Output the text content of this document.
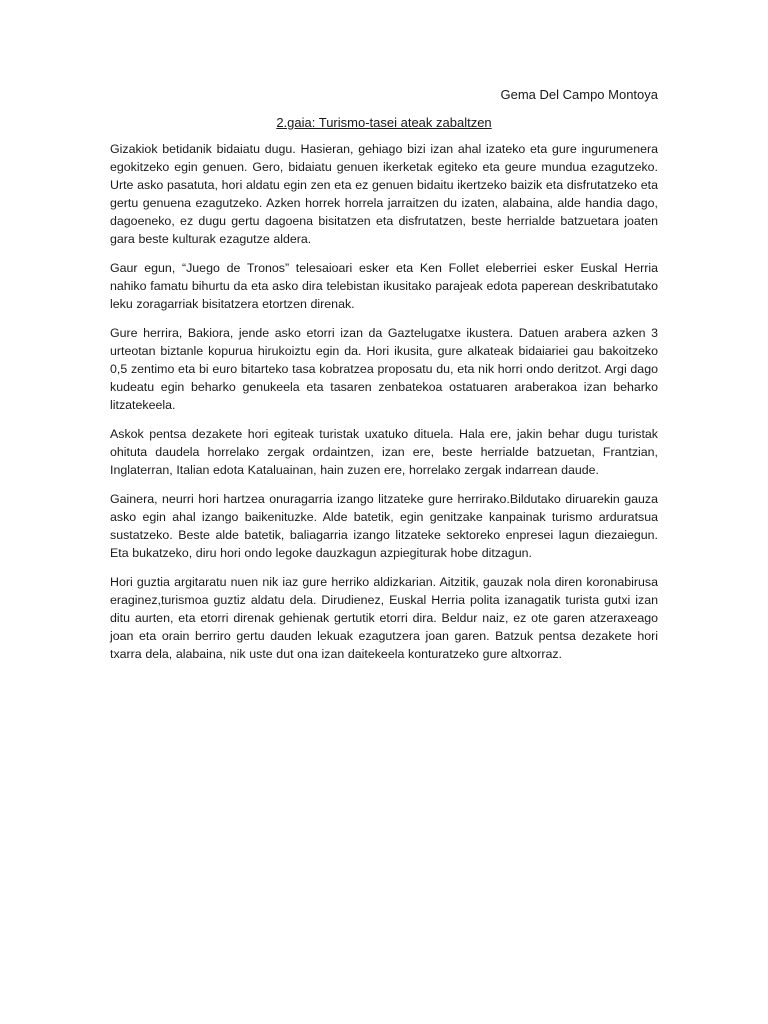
Gema Del Campo Montoya
2.gaia: Turismo-tasei ateak zabaltzen

Gizakiok betidanik bidaiatu dugu. Hasieran, gehiago bizi izan ahal izateko eta gure ingurumenera egokitzeko egin genuen. Gero, bidaiatu genuen ikerketak egiteko eta geure mundua ezagutzeko. Urte asko pasatuta, hori aldatu egin zen eta ez genuen bidaitu ikertzeko baizik eta disfrutatzeko eta gertu genuena ezagutzeko. Azken horrek horrela jarraitzen du izaten, alabaina, alde handia dago, dagoeneko, ez dugu gertu dagoena bisitatzen eta disfrutatzen, beste herrialde batzuetara joaten gara beste kulturak ezagutze aldera.

Gaur egun, “Juego de Tronos” telesaioari esker eta Ken Follet eleberriei esker Euskal Herria nahiko famatu bihurtu da eta asko dira telebistan ikusitako parajeak edota paperean deskribatutako leku zoragarriak bisitatzera etortzen direnak.

Gure herrira, Bakiora, jende asko etorri izan da Gaztelugatxe ikustera. Datuen arabera azken 3 urteotan biztanle kopurua hirukoiztu egin da. Hori ikusita, gure alkateak bidaiariei gau bakoitzeko 0,5 zentimo eta bi euro bitarteko tasa kobratzea proposatu du, eta nik horri ondo deritzot. Argi dago kudeatu egin beharko genukeela eta tasaren zenbatekoa ostatuaren araberakoa izan beharko litzatekeela.

Askok pentsa dezakete hori egiteak turistak uxatuko dituela. Hala ere, jakin behar dugu turistak ohituta daudela horrelako zergak ordaintzen, izan ere, beste herrialde batzuetan, Frantzian, Inglaterran, Italian edota Kataluainan, hain zuzen ere, horrelako zergak indarrean daude.

Gainera, neurri hori hartzea onuragarria izango litzateke gure herrirako.Bildutako diruarekin gauza asko egin ahal izango baikenituzke. Alde batetik, egin genitzake kanpainak turismo arduratsua sustatzeko. Beste alde batetik, baliagarria izango litzateke sektoreko enpresei lagun diezaiegun. Eta bukatzeko, diru hori ondo legoke dauzkagun azpiegiturak hobe ditzagun.

Hori guztia argitaratu nuen nik iaz gure herriko aldizkarian. Aitzitik, gauzak nola diren koronabirusa eraginez,turismoa guztiz aldatu dela. Dirudienez, Euskal Herria polita izanagatik turista gutxi izan ditu aurten, eta etorri direnak gehienak gertutik etorri dira. Beldur naiz, ez ote garen atzeraxeago joan eta orain berriro gertu dauden lekuak ezagutzera joan garen. Batzuk pentsa dezakete hori txarra dela, alabaina, nik uste dut ona izan daitekeela konturatzeko gure altxorraz.
